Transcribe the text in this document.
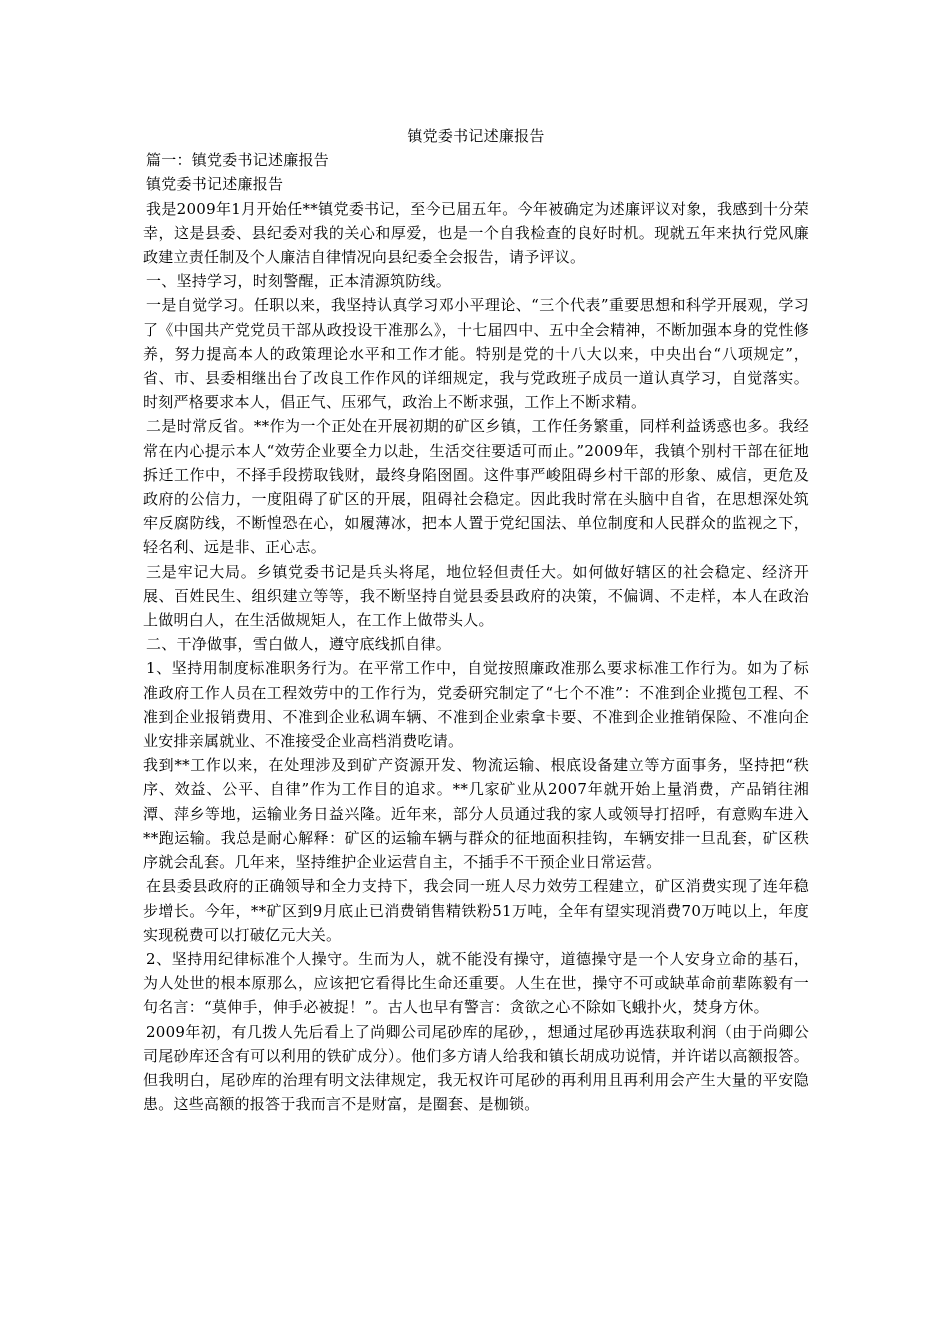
镇党委书记述廉报告

篇一：镇党委书记述廉报告

镇党委书记述廉报告

我是2009年1月开始任**镇党委书记，至今已届五年。今年被确定为述廉评议对象，我感到十分荣幸，这是县委、县纪委对我的关心和厚爱，也是一个自我检查的良好时机。现就五年来执行党风廉政建立责任制及个人廉洁自律情况向县纪委全会报告，请予评议。

一、坚持学习，时刻警醒，正本清源筑防线。

一是自觉学习。任职以来，我坚持认真学习邓小平理论、“三个代表”重要思想和科学开展观，学习了《中国共产党党员干部从政投设干准那么》，十七届四中、五中全会精神，不断加强本身的党性修养，努力提高本人的政策理论水平和工作才能。特别是党的十八大以来，中央出台“八项规定”，省、市、县委相继出台了改良工作作风的详细规定，我与党政班子成员一道认真学习，自觉落实。时刻严格要求本人，倡正气、压邪气，政治上不断求强，工作上不断求精。

二是时常反省。**作为一个正处在开展初期的矿区乡镇，工作任务繁重，同样利益诱惑也多。我经常在内心提示本人“效劳企业要全力以赴，生活交往要适可而止。”2009年，我镇个别村干部在征地拆迁工作中，不择手段捞取钱财，最终身陷囹圄。这件事严峻阻碍乡村干部的形象、威信，更危及政府的公信力，一度阻碍了矿区的开展，阻碍社会稳定。因此我时常在头脑中自省，在思想深处筑牢反腐防线，不断惶恐在心，如履薄冰，把本人置于党纪国法、单位制度和人民群众的监视之下，轻名利、远是非、正心志。

三是牢记大局。乡镇党委书记是兵头将尾，地位轻但责任大。如何做好辖区的社会稳定、经济开展、百姓民生、组织建立等等，我不断坚持自觉县委县政府的决策，不偏调、不走样，本人在政治上做明白人，在生活做规矩人，在工作上做带头人。

二、干净做事，雪白做人，遵守底线抓自律。

1、坚持用制度标准职务行为。在平常工作中，自觉按照廉政准那么要求标准工作行为。如为了标准政府工作人员在工程效劳中的工作行为，党委研究制定了“七个不准”：不准到企业揽包工程、不准到企业报销费用、不准到企业私调车辆、不准到企业索拿卡要、不准到企业推销保险、不准向企业安排亲属就业、不准接受企业高档消费吃请。

我到**工作以来，在处理涉及到矿产资源开发、物流运输、根底设备建立等方面事务，坚持把“秩序、效益、公平、自律”作为工作目的追求。**几家矿业从2007年就开始上量消费，产品销往湘潭、萍乡等地，运输业务日益兴隆。近年来，部分人员通过我的家人或领导打招呼，有意购车进入**跑运输。我总是耐心解释：矿区的运输车辆与群众的征地面积挂钩，车辆安排一旦乱套，矿区秩序就会乱套。几年来，坚持维护企业运营自主，不插手不干预企业日常运营。

在县委县政府的正确领导和全力支持下，我会同一班人尽力效劳工程建立，矿区消费实现了连年稳步增长。今年，**矿区到9月底止已消费销售精铁粉51万吨，全年有望实现消费70万吨以上，年度实现税费可以打破亿元大关。

2、坚持用纪律标准个人操守。生而为人，就不能没有操守，道德操守是一个人安身立命的基石，为人处世的根本原那么，应该把它看得比生命还重要。人生在世，操守不可或缺革命前辈陈毅有一句名言：“莫伸手，伸手必被捉！”。古人也早有警言：贪欲之心不除如飞蛾扑火，焚身方休。

2009年初，有几拨人先后看上了尚卿公司尾砂库的尾砂，，想通过尾砂再选获取利润（由于尚卿公司尾砂库还含有可以利用的铁矿成分）。他们多方请人给我和镇长胡成功说情，并许诺以高额报答。但我明白，尾砂库的治理有明文法律规定，我无权许可尾砂的再利用且再利用会产生大量的平安隐患。这些高额的报答于我而言不是财富，是圈套、是枷锁。
